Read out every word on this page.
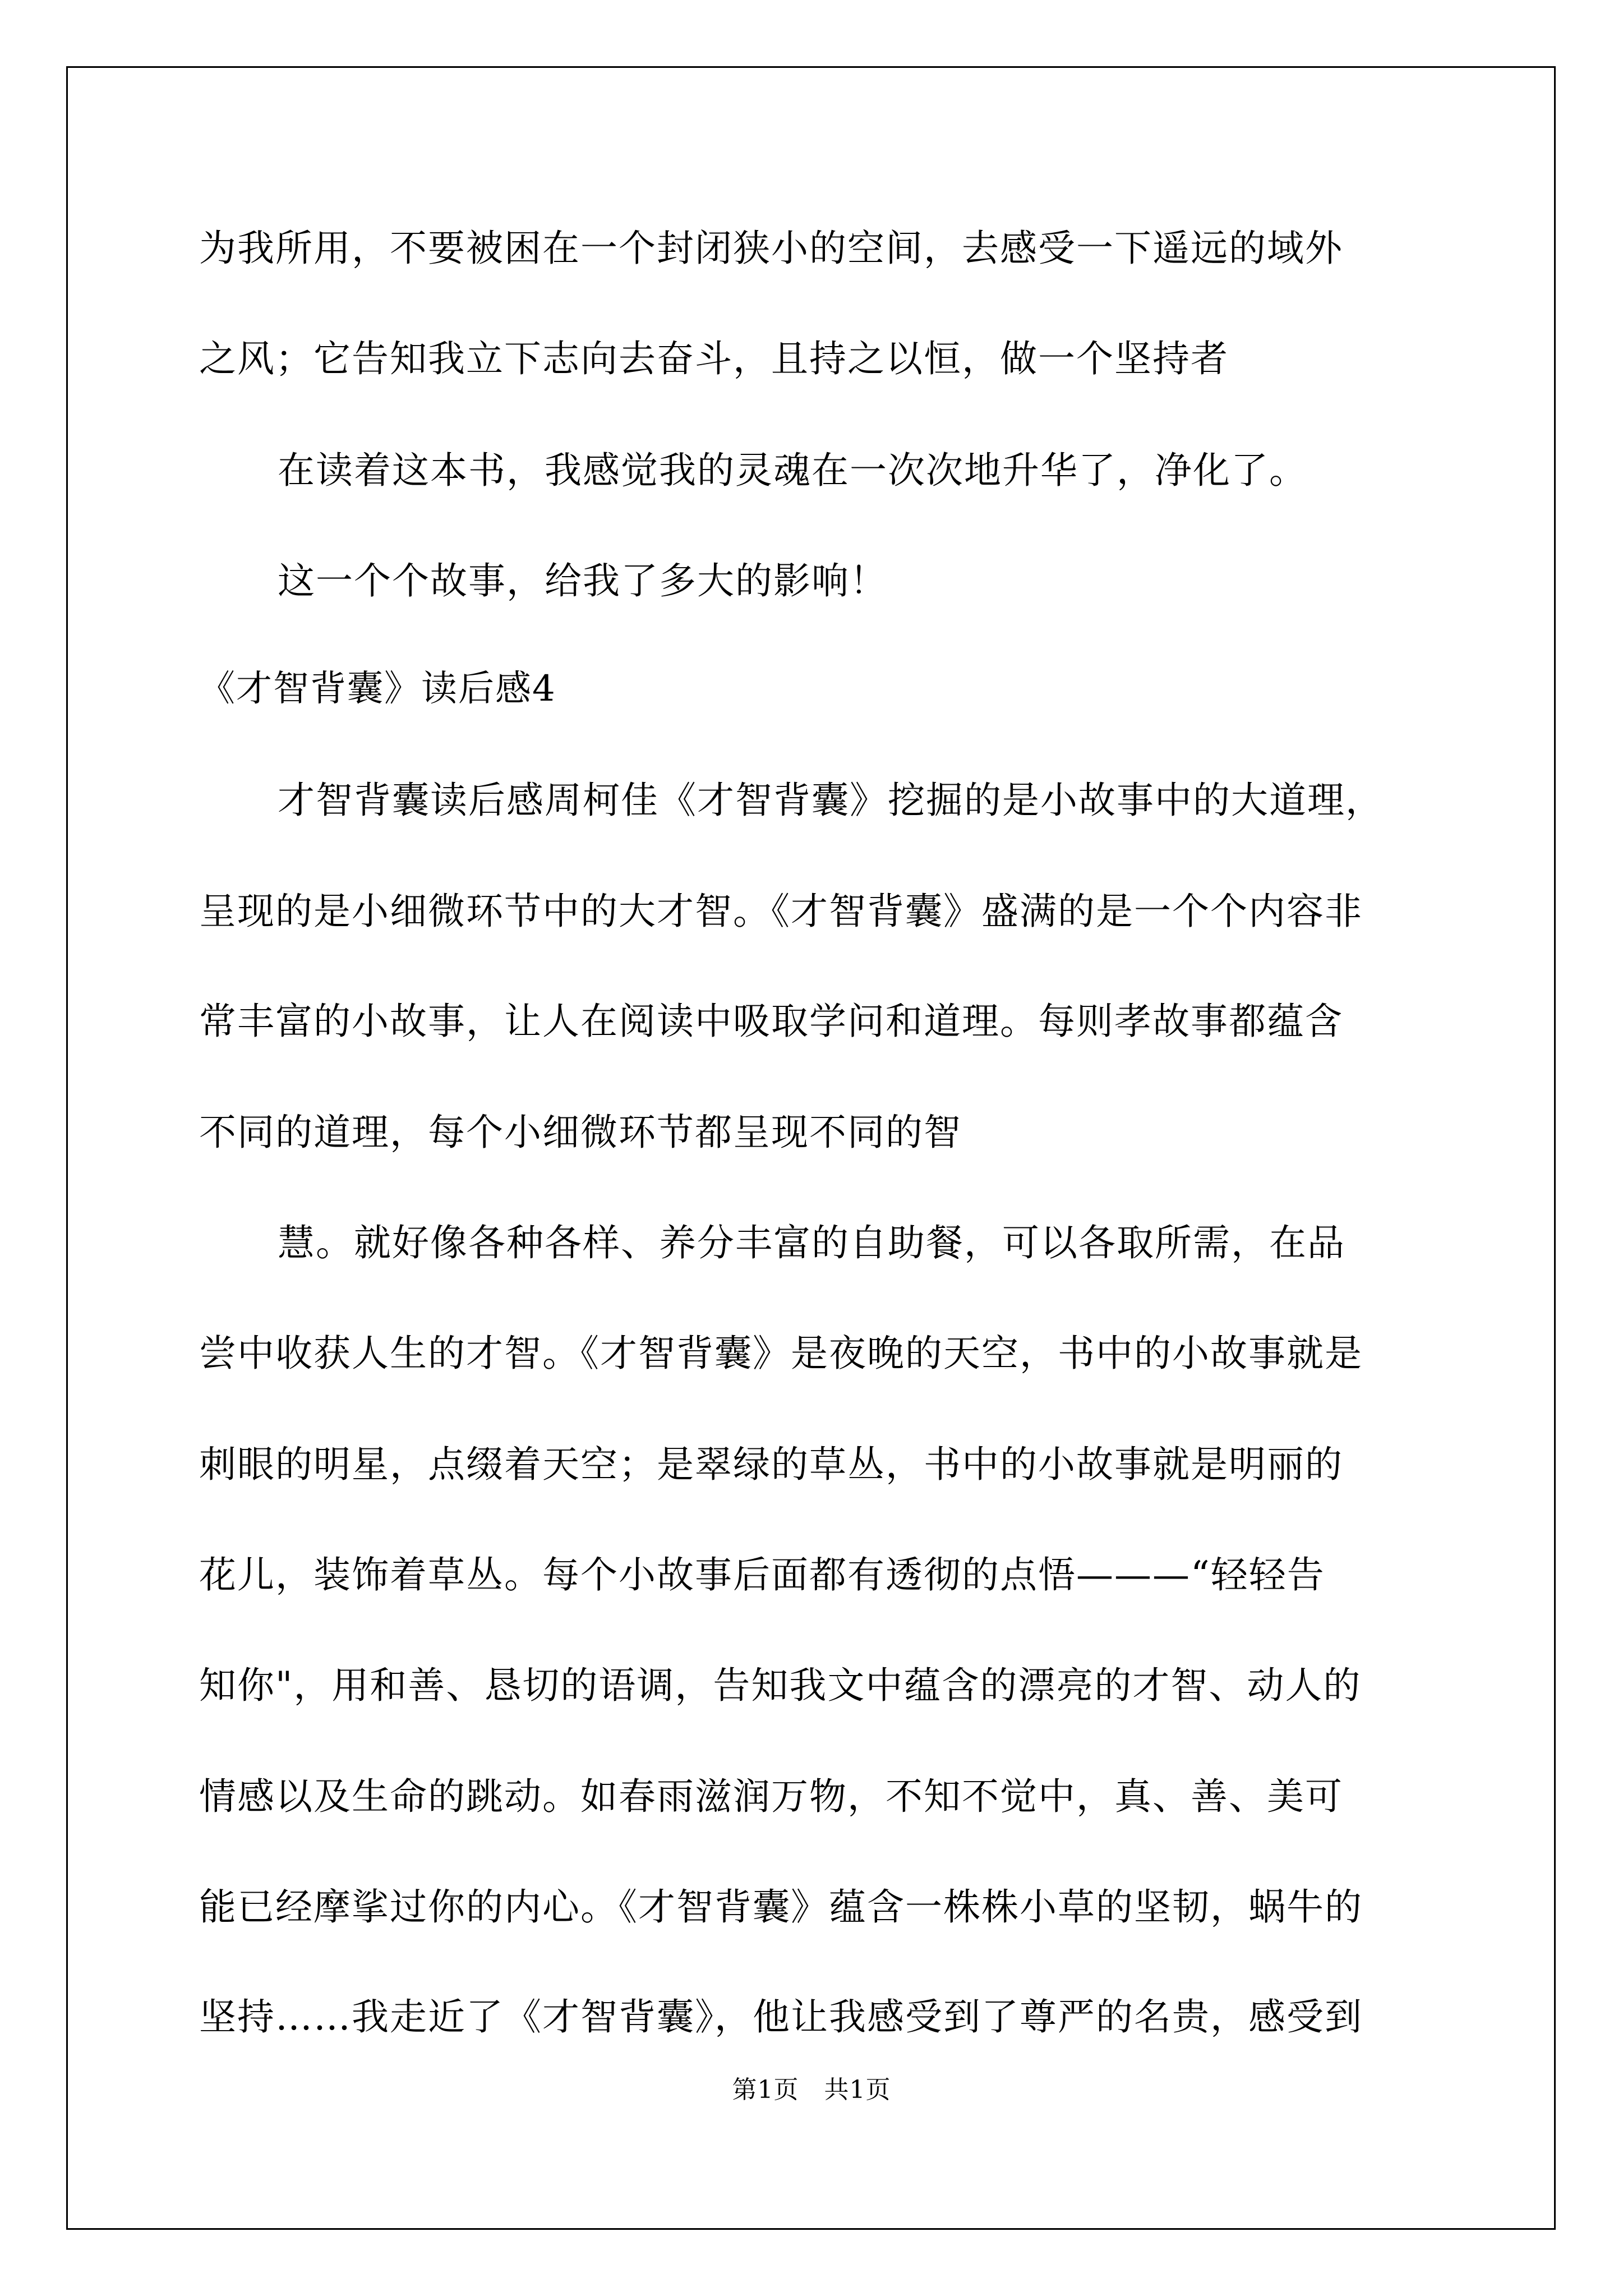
为我所用，不要被困在一个封闭狭小的空间，去感受一下遥远的域外
之风；它告知我立下志向去奋斗，且持之以恒，做一个坚持者
在读着这本书，我感觉我的灵魂在一次次地升华了，净化了。
这一个个故事，给我了多大的影响！
《才智背囊》读后感4
才智背囊读后感周柯佳《才智背囊》挖掘的是小故事中的大道理，
呈现的是小细微环节中的大才智。《才智背囊》盛满的是一个个内容非
常丰富的小故事，让人在阅读中吸取学问和道理。每则孝故事都蕴含
不同的道理，每个小细微环节都呈现不同的智
慧。就好像各种各样、养分丰富的自助餐，可以各取所需，在品
尝中收获人生的才智。《才智背囊》是夜晚的天空，书中的小故事就是
刺眼的明星，点缀着天空；是翠绿的草丛，书中的小故事就是明丽的
花儿，装饰着草丛。每个小故事后面都有透彻的点悟———“轻轻告
知你"，用和善、恳切的语调，告知我文中蕴含的漂亮的才智、动人的
情感以及生命的跳动。如春雨滋润万物，不知不觉中，真、善、美可
能已经摩挲过你的内心。《才智背囊》蕴含一株株小草的坚韧，蜗牛的
坚持……我走近了《才智背囊》，他让我感受到了尊严的名贵，感受到
第1页　共1页
